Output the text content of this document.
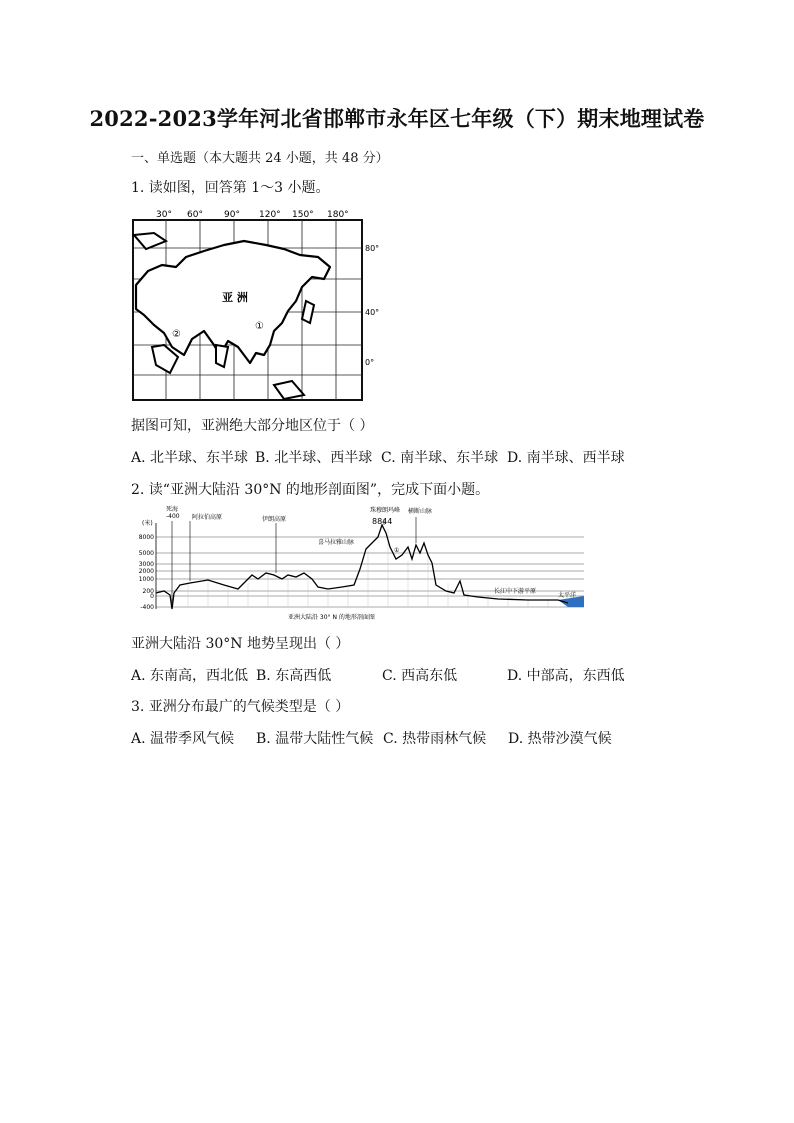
2022-2023学年河北省邯郸市永年区七年级（下）期末地理试卷
一、单选题（本大题共 24 小题，共 48 分）
1. 读如图，回答第 1～3 小题。
30° 60° 90° 120° 150° 180°
亚 洲
①
②
80°
40°
0°
据图可知，亚洲绝大部分地区位于（ ）
A. 北半球、东半球 B. 北半球、西半球 C. 南半球、东半球 D. 南半球、西半球
2. 读“亚洲大陆沿 30°N 的地形剖面图”，完成下面小题。
(米)
8000
5000
3000
2000
1000
200
0
-400
死海
-400 阿拉伯高原	伊朗高原
珠穆朗玛峰
8844
横断山脉
喜马拉雅山脉
①
长江中下游平原
太平洋
亚洲大陆沿 30° N 的地形剖面图
亚洲大陆沿 30°N 地势呈现出（ ）
A. 东南高，西北低 B. 东高西低	C. 西高东低	D. 中部高，东西低
3. 亚洲分布最广的气候类型是（ ）
A. 温带季风气候 B. 温带大陆性气候 C. 热带雨林气候 D. 热带沙漠气候
